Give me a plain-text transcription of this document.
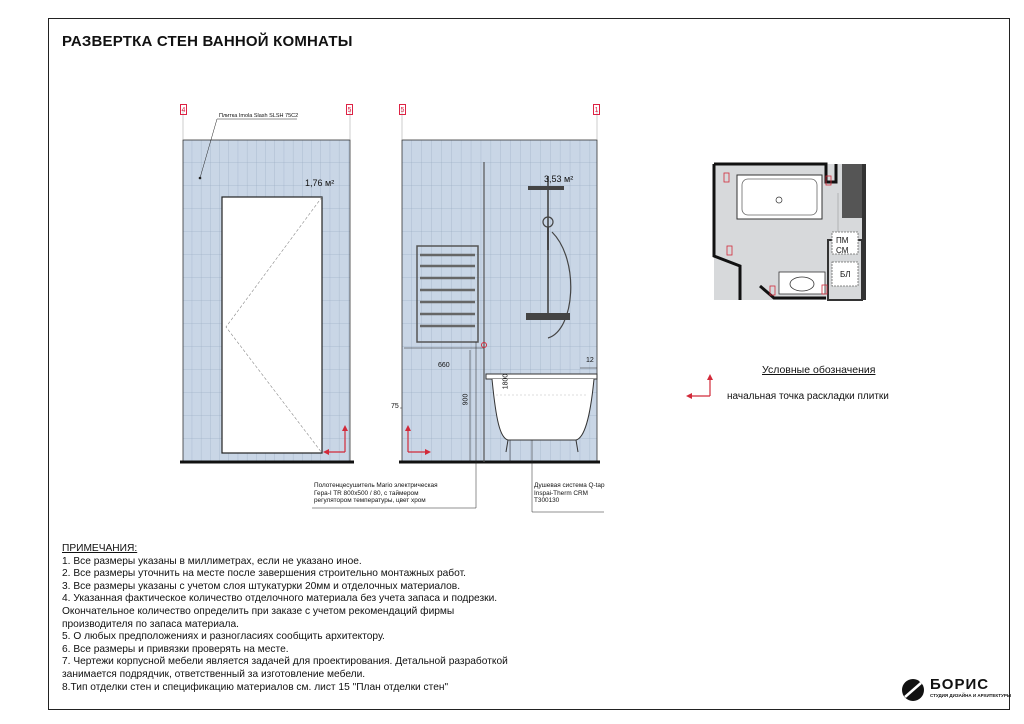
РАЗВЕРТКА СТЕН ВАННОЙ КОМНАТЫ
4	5	5	1
Плитка Imola Slash SLSH 75C2
1,76 м²	3,53 м²
660
12
1800
900
75
Полотенцесушитель Mario электрическая
Гера-I TR 800x500 / 80, с таймером
регулятором температуры, цвет хром
Душевая система Q-tap
Inspai-Therm CRM
T300130
ПМ
СМ
БЛ
Условные обозначения
начальная точка раскладки плитки
ПРИМЕЧАНИЯ:
1. Все размеры указаны в миллиметрах, если не указано иное.
2. Все размеры уточнить на месте после завершения строительно монтажных работ.
3. Все размеры указаны с учетом слоя штукатурки 20мм и отделочных материалов.
4. Указанная фактическое количество отделочного материала без учета запаса и подрезки.
Окончательное количество определить при заказе с учетом рекомендаций фирмы
производителя по запаса материала.
5. О любых предположениях и разногласиях сообщить архитектору.
6. Все размеры и привязки проверять на месте.
7. Чертежи корпусной мебели является задачей для проектирования. Детальной разработкой
занимается подрядчик, ответственный за изготовление мебели.
8.Тип отделки стен и спецификацию материалов см. лист 15 "План отделки стен"	БОРИС
СТУДИЯ ДИЗАЙНА И АРХИТЕКТУРЫ
